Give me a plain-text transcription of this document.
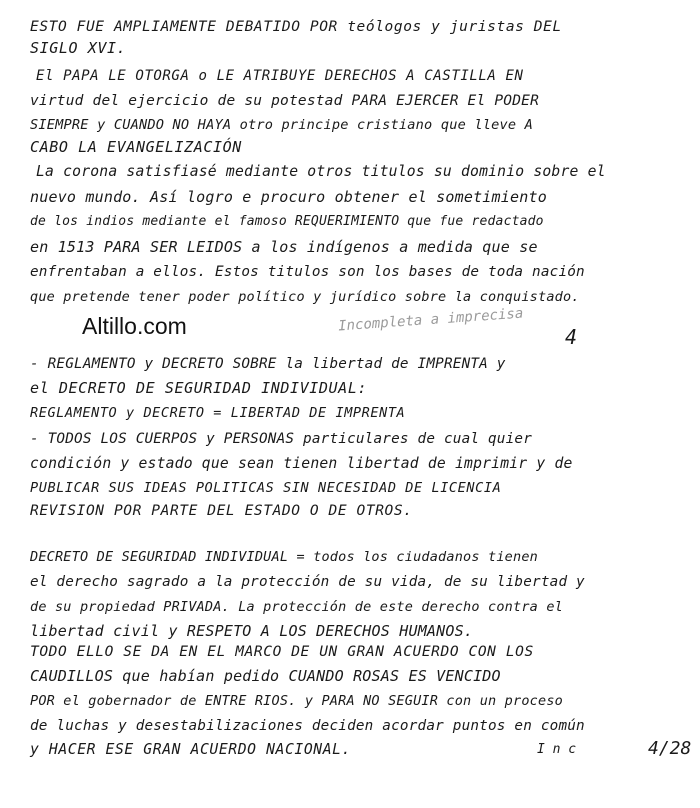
ESTO FUE AMPLIAMENTE DEBATIDO POR teólogos y juristas DEL
SIGLO XVI.
El PAPA LE OTORGA o LE ATRIBUYE DERECHOS A CASTILLA EN
virtud del ejercicio de su potestad PARA EJERCER El PODER
SIEMPRE y CUANDO NO HAYA otro principe cristiano que lleve A
CABO LA EVANGELIZACIÓN
La corona satisfiasé mediante otros titulos su dominio sobre el
nuevo mundo. Así logro e procuro obtener el sometimiento
de los indios mediante el famoso REQUERIMIENTO que fue redactado
en 1513 PARA SER LEIDOS a los indígenos a medida que se
enfrentaban a ellos. Estos titulos son los bases de toda nación
que pretende tener poder político y jurídico sobre la conquistado.
Altillo.com	Incompleta a imprecisa
4
- REGLAMENTO y DECRETO SOBRE la libertad de IMPRENTA y
el DECRETO DE SEGURIDAD INDIVIDUAL:
REGLAMENTO y DECRETO = LIBERTAD DE IMPRENTA
- TODOS LOS CUERPOS y PERSONAS particulares de cual quier
condición y estado que sean tienen libertad de imprimir y de
PUBLICAR SUS IDEAS POLITICAS SIN NECESIDAD DE LICENCIA
REVISION POR PARTE DEL ESTADO O DE OTROS.
DECRETO DE SEGURIDAD INDIVIDUAL = todos los ciudadanos tienen
el derecho sagrado a la protección de su vida, de su libertad y
de su propiedad PRIVADA. La protección de este derecho contra el
libertad civil y RESPETO A LOS DERECHOS HUMANOS.
TODO ELLO SE DA EN EL MARCO DE UN GRAN ACUERDO CON LOS
CAUDILLOS que habían pedido CUANDO ROSAS ES VENCIDO
POR el gobernador de ENTRE RIOS. y PARA NO SEGUIR con un proceso
de luchas y desestabilizaciones deciden acordar puntos en común
y HACER ESE GRAN ACUERDO NACIONAL.	I n c	4/28
